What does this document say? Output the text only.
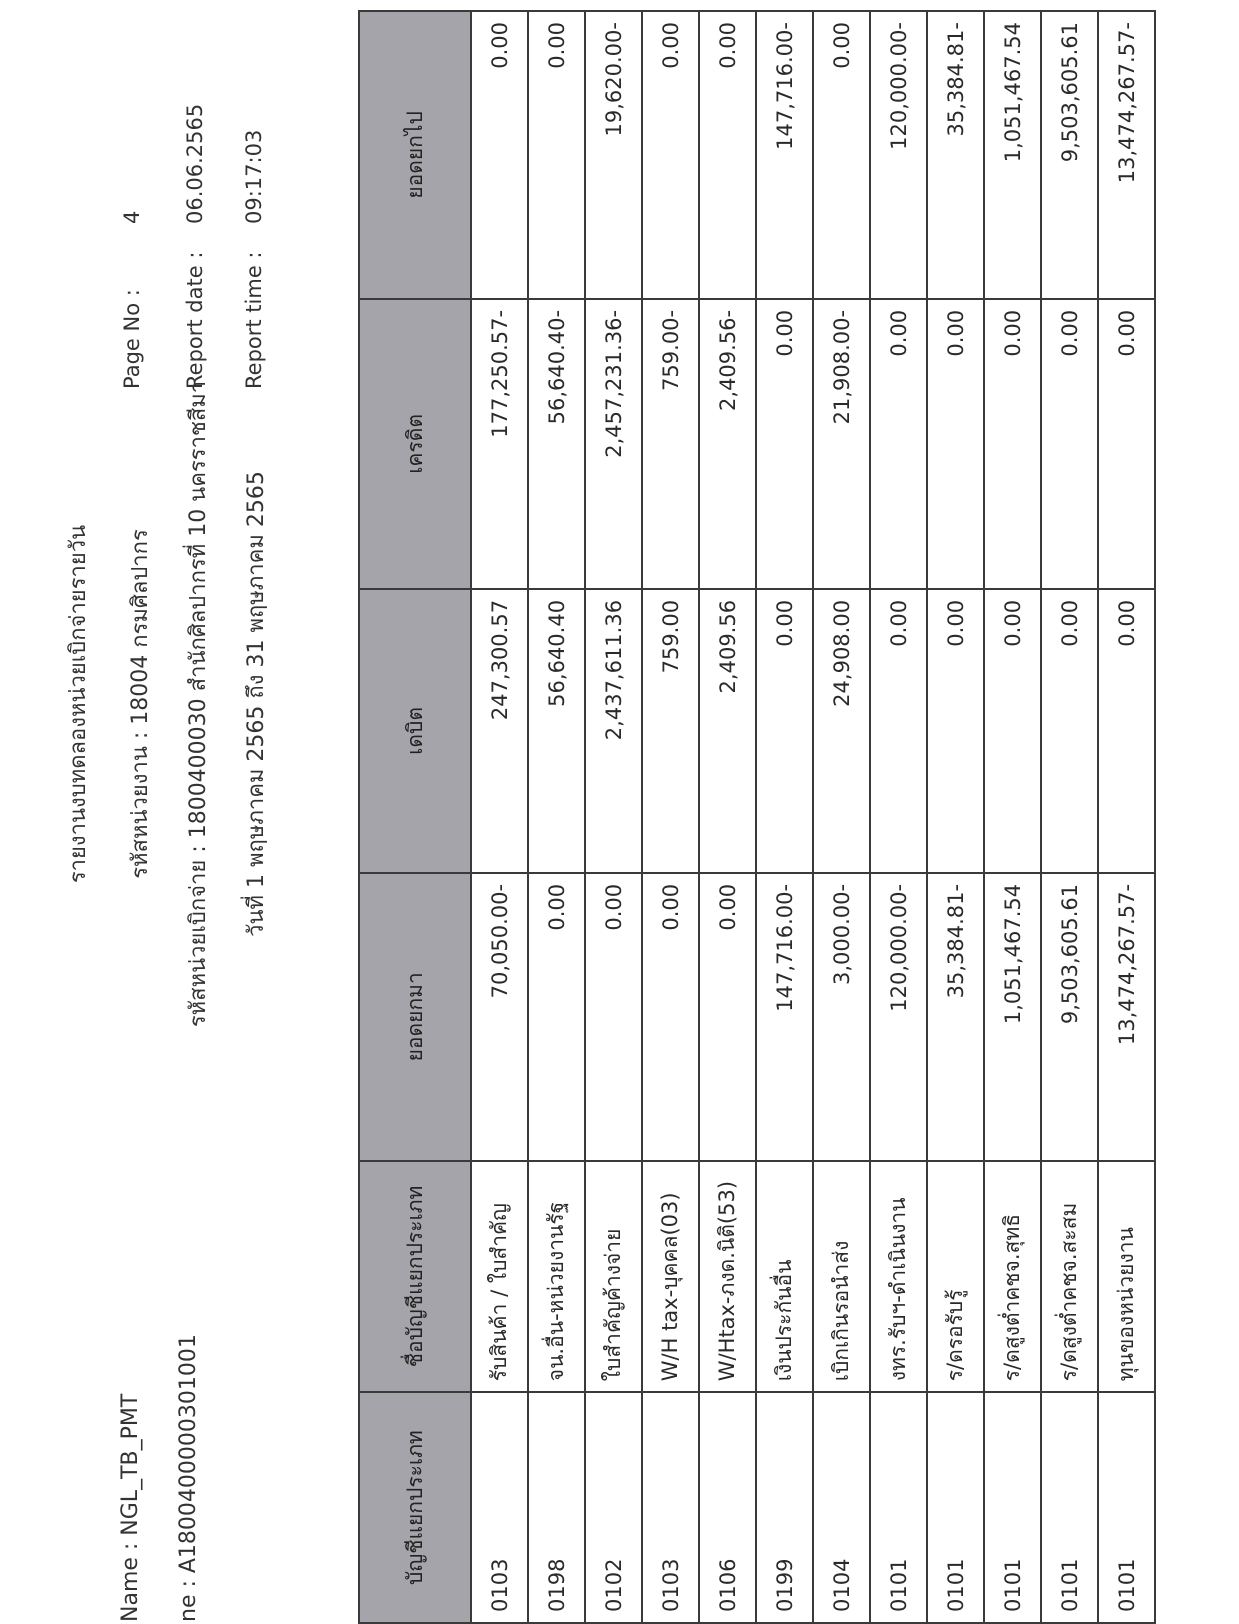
Name : NGL_TB_PMT ne : A1800400000301001
รายงานงบทดลองหน่วยเบิกจ่ายรายวัน รหัสหน่วยงาน : 18004 กรมศิลปากร รหัสหน่วยเบิกจ่าย : 1800400030 สำนักศิลปากรที่ 10 นครราชสีมา วันที่ 1 พฤษภาคม 2565 ถึง 31 พฤษภาคม 2565
Page No :
4
Report date :
06.06.2565
Report time :
09:17:03
บัญชีแยกประเภท	ชื่อบัญชีแยกประเภท	ยอดยกมา	เดบิต	เครดิต	ยอดยกไป
0103	รับสินค้า / ใบสำคัญ	70,050.00-	247,300.57	177,250.57-	0.00
0198	จน.อื่น-หน่วยงานรัฐ	0.00	56,640.40	56,640.40-	0.00
0102	ใบสำคัญค้างจ่าย	0.00	2,437,611.36	2,457,231.36-	19,620.00-
0103	W/H tax-บุคคล(03)	0.00	759.00	759.00-	0.00
0106	W/Htax-ภงด.นิติ(53)	0.00	2,409.56	2,409.56-	0.00
0199	เงินประกันอื่น	147,716.00-	0.00	0.00	147,716.00-
0104	เบิกเกินรอนำส่ง	3,000.00-	24,908.00	21,908.00-	0.00
0101	งทร.รับฯ-ดำเนินงาน	120,000.00-	0.00	0.00	120,000.00-
0101	ร/ดรอรับรู้	35,384.81-	0.00	0.00	35,384.81-
0101	ร/ดสูงต่ำคชจ.สุทธิ	1,051,467.54	0.00	0.00	1,051,467.54
0101	ร/ดสูงต่ำคชจ.สะสม	9,503,605.61	0.00	0.00	9,503,605.61
0101	ทุนของหน่วยงาน	13,474,267.57-	0.00	0.00	13,474,267.57-
